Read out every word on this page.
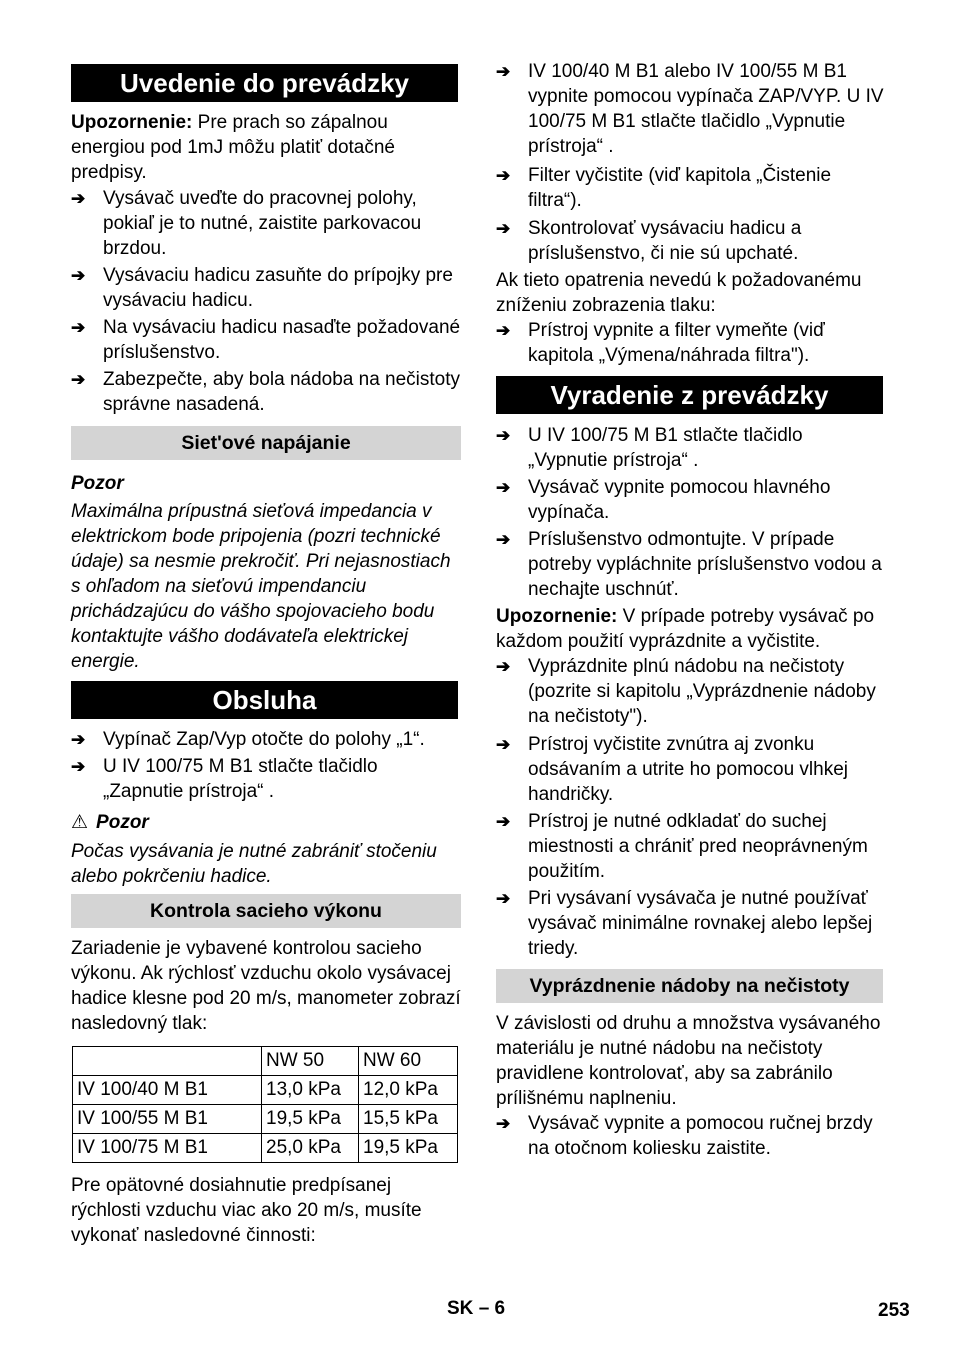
Uvedenie do prevádzky

Upozornenie: Pre prach so zápalnou energiou pod 1mJ môžu platiť dotačné predpisy.

➔ Vysávač uveďte do pracovnej polohy, pokiaľ je to nutné, zaistite parkovacou brzdou.
➔ Vysávaciu hadicu zasuňte do prípojky pre vysávaciu hadicu.
➔ Na vysávaciu hadicu nasaďte požadované príslušenstvo.
➔ Zabezpečte, aby bola nádoba na nečistoty správne nasadená.
Siet'ové napájanie

Pozor

Maximálna prípustná sieťová impedancia v elektrickom bode pripojenia (pozri technické údaje) sa nesmie prekročiť. Pri nejasnostiach s ohľadom na sieťovú impendanciu prichádzajúcu do vášho spojovacieho bodu kontaktujte vášho dodávateľa elektrickej energie.

Obsluha
➔ Vypínač Zap/Vyp otočte do polohy „1“.
➔ U IV 100/75 M B1 stlačte tlačidlo „Zapnutie prístroja“ .

⚠ Pozor

Počas vysávania je nutné zabrániť stočeniu alebo pokrčeniu hadice.

Kontrola sacieho výkonu

Zariadenie je vybavené kontrolou sacieho výkonu. Ak rýchlosť vzduchu okolo vysávacej hadice klesne pod 20 m/s, manometer zobrazí nasledovný tlak:

	NW 50	NW 60
IV 100/40 M B1	13,0 kPa	12,0 kPa
IV 100/55 M B1	19,5 kPa	15,5 kPa
IV 100/75 M B1	25,0 kPa	19,5 kPa

Pre opätovné dosiahnutie predpísanej rýchlosti vzduchu viac ako 20 m/s, musíte vykonať nasledovné činnosti:

➔ IV 100/40 M B1 alebo IV 100/55 M B1 vypnite pomocou vypínača ZAP/VYP. U IV 100/75 M B1 stlačte tlačidlo „Vypnutie prístroja“ .
➔ Filter vyčistite (viď kapitola „Čistenie filtra“).
➔ Skontrolovať vysávaciu hadicu a príslušenstvo, či nie sú upchaté.

Ak tieto opatrenia nevedú k požadovanému zníženiu zobrazenia tlaku:

➔ Prístroj vypnite a filter vymeňte (viď kapitola „Výmena/náhrada filtra").
Vyradenie z prevádzky
➔ U IV 100/75 M B1 stlačte tlačidlo „Vypnutie prístroja“ .
➔ Vysávač vypnite pomocou hlavného vypínača.
➔ Príslušenstvo odmontujte. V prípade potreby vypláchnite príslušenstvo vodou a nechajte uschnúť.

Upozornenie: V prípade potreby vysávač po každom použití vyprázdnite a vyčistite.

➔ Vyprázdnite plnú nádobu na nečistoty (pozrite si kapitolu „Vyprázdnenie nádoby na nečistoty").
➔ Prístroj vyčistite zvnútra aj zvonku odsávaním a utrite ho pomocou vlhkej handričky.
➔ Prístroj je nutné odkladať do suchej miestnosti a chrániť pred neoprávneným použitím.
➔ Pri vysávaní vysávača je nutné používať vysávač minimálne rovnakej alebo lepšej triedy.
Vyprázdnenie nádoby na nečistoty

V závislosti od druhu a množstva vysávaného materiálu je nutné nádobu na nečistoty pravidlene kontrolovať, aby sa zabránilo prílišnému naplneniu.

➔ Vysávač vypnite a pomocou ručnej brzdy na otočnom koliesku zaistite.
SK – 6	253
